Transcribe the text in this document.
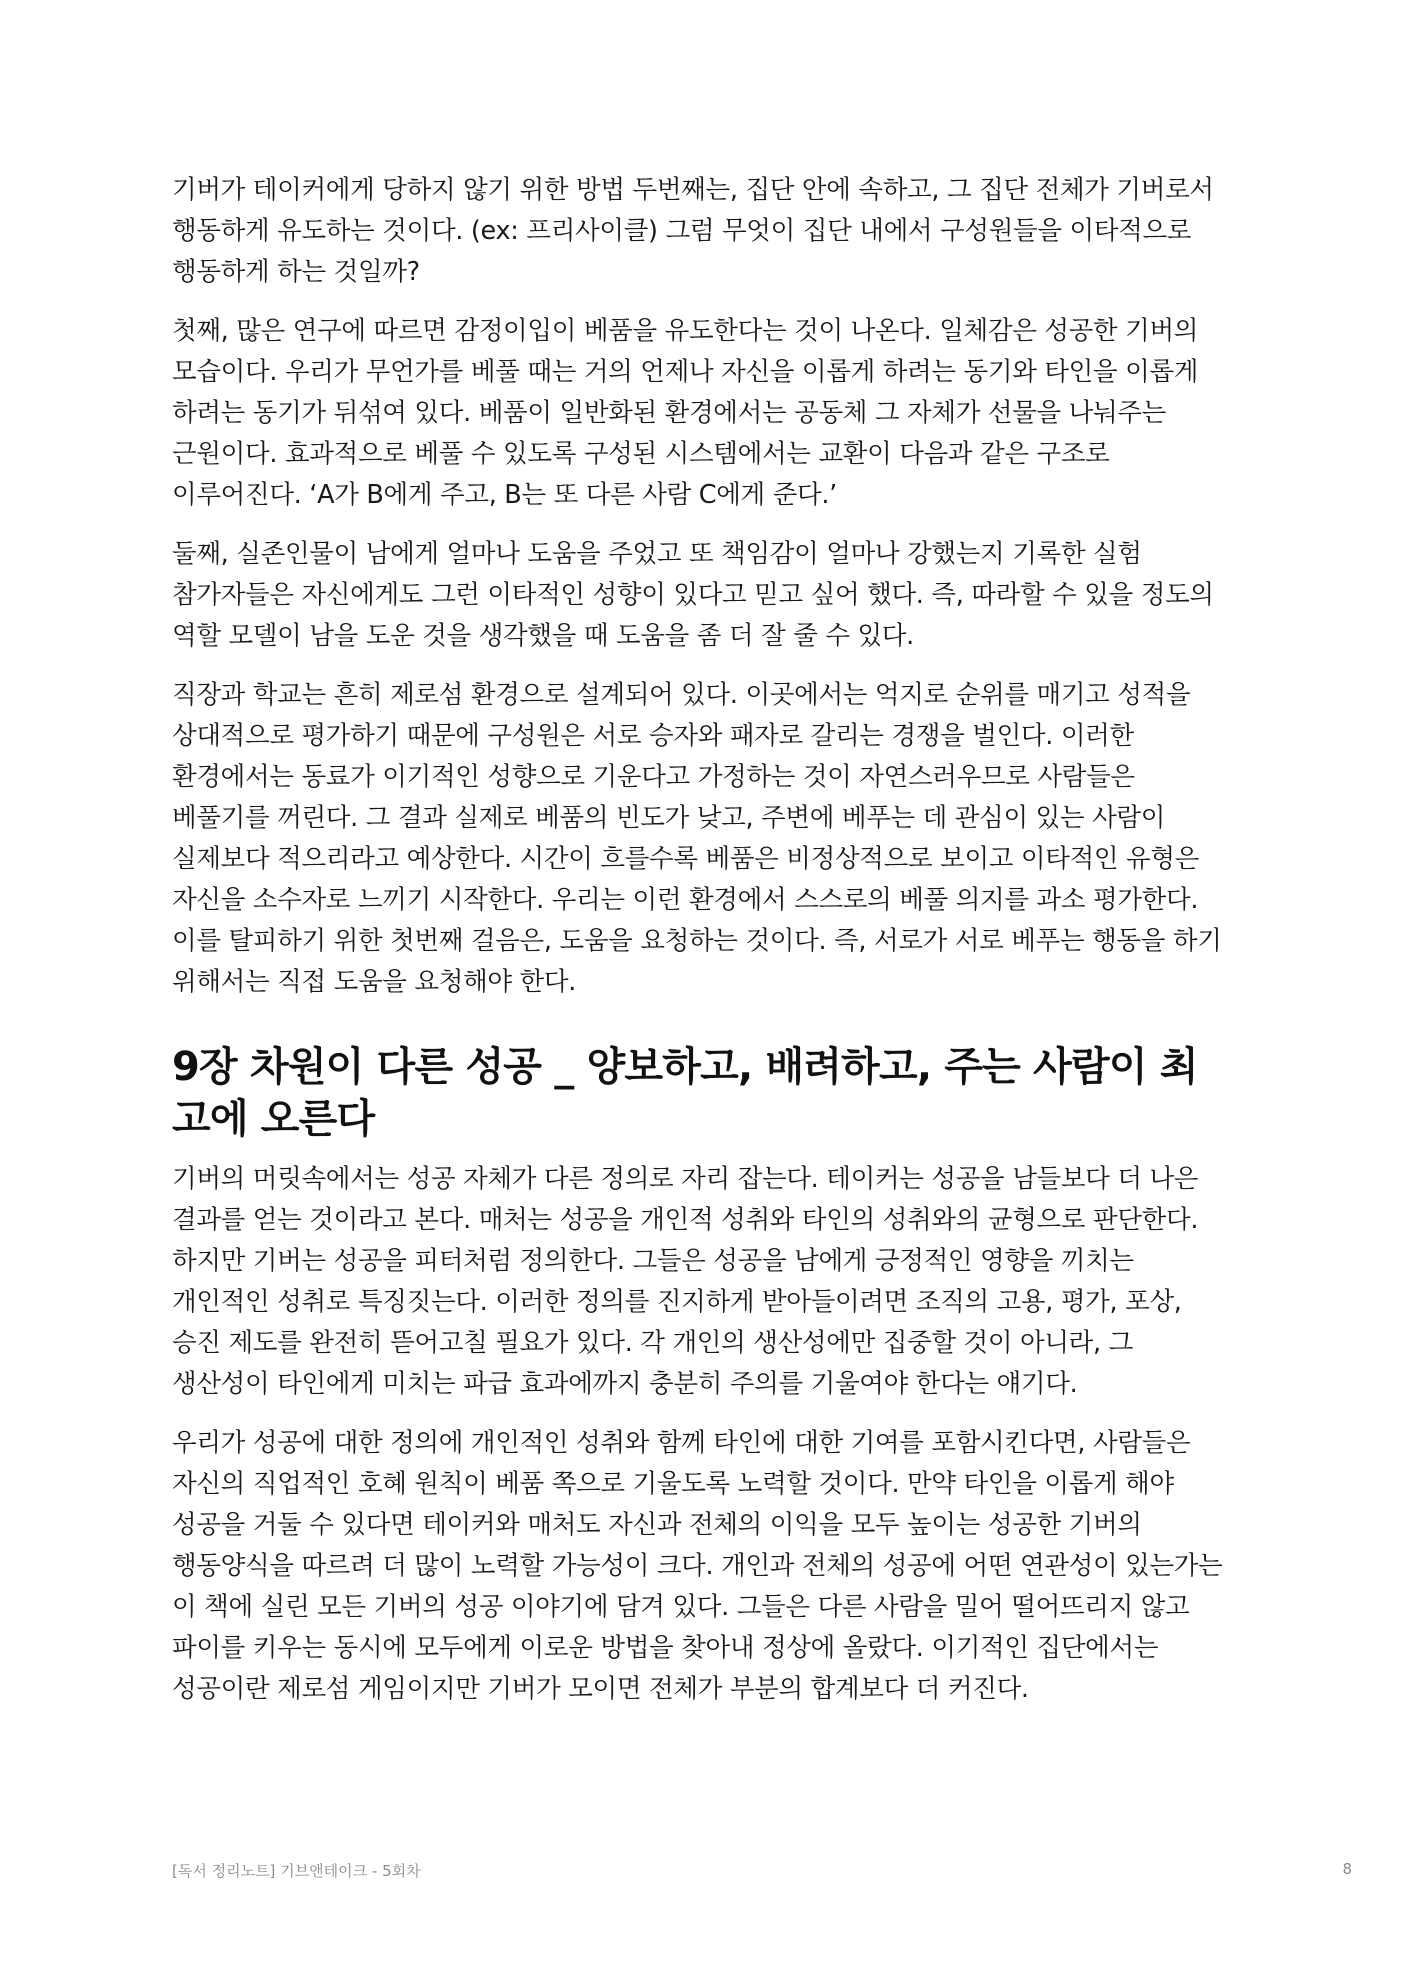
기버가 테이커에게 당하지 않기 위한 방법 두번째는, 집단 안에 속하고, 그 집단 전체가 기버로서 행동하게 유도하는 것이다. (ex: 프리사이클) 그럼 무엇이 집단 내에서 구성원들을 이타적으로 행동하게 하는 것일까?

첫째, 많은 연구에 따르면 감정이입이 베품을 유도한다는 것이 나온다. 일체감은 성공한 기버의 모습이다. 우리가 무언가를 베풀 때는 거의 언제나 자신을 이롭게 하려는 동기와 타인을 이롭게 하려는 동기가 뒤섞여 있다. 베품이 일반화된 환경에서는 공동체 그 자체가 선물을 나눠주는 근원이다. 효과적으로 베풀 수 있도록 구성된 시스템에서는 교환이 다음과 같은 구조로 이루어진다. ‘A가 B에게 주고, B는 또 다른 사람 C에게 준다.’

둘째, 실존인물이 남에게 얼마나 도움을 주었고 또 책임감이 얼마나 강했는지 기록한 실험 참가자들은 자신에게도 그런 이타적인 성향이 있다고 믿고 싶어 했다. 즉, 따라할 수 있을 정도의 역할 모델이 남을 도운 것을 생각했을 때 도움을 좀 더 잘 줄 수 있다.

직장과 학교는 흔히 제로섬 환경으로 설계되어 있다. 이곳에서는 억지로 순위를 매기고 성적을 상대적으로 평가하기 때문에 구성원은 서로 승자와 패자로 갈리는 경쟁을 벌인다. 이러한 환경에서는 동료가 이기적인 성향으로 기운다고 가정하는 것이 자연스러우므로 사람들은 베풀기를 꺼린다. 그 결과 실제로 베품의 빈도가 낮고, 주변에 베푸는 데 관심이 있는 사람이 실제보다 적으리라고 예상한다. 시간이 흐를수록 베품은 비정상적으로 보이고 이타적인 유형은 자신을 소수자로 느끼기 시작한다. 우리는 이런 환경에서 스스로의 베풀 의지를 과소 평가한다. 이를 탈피하기 위한 첫번째 걸음은, 도움을 요청하는 것이다. 즉, 서로가 서로 베푸는 행동을 하기 위해서는 직접 도움을 요청해야 한다.

9장 차원이 다른 성공 _ 양보하고, 배려하고, 주는 사람이 최고에 오른다

기버의 머릿속에서는 성공 자체가 다른 정의로 자리 잡는다. 테이커는 성공을 남들보다 더 나은 결과를 얻는 것이라고 본다. 매처는 성공을 개인적 성취와 타인의 성취와의 균형으로 판단한다. 하지만 기버는 성공을 피터처럼 정의한다. 그들은 성공을 남에게 긍정적인 영향을 끼치는 개인적인 성취로 특징짓는다. 이러한 정의를 진지하게 받아들이려면 조직의 고용, 평가, 포상, 승진 제도를 완전히 뜯어고칠 필요가 있다. 각 개인의 생산성에만 집중할 것이 아니라, 그 생산성이 타인에게 미치는 파급 효과에까지 충분히 주의를 기울여야 한다는 얘기다.

우리가 성공에 대한 정의에 개인적인 성취와 함께 타인에 대한 기여를 포함시킨다면, 사람들은 자신의 직업적인 호혜 원칙이 베품 쪽으로 기울도록 노력할 것이다. 만약 타인을 이롭게 해야 성공을 거둘 수 있다면 테이커와 매처도 자신과 전체의 이익을 모두 높이는 성공한 기버의 행동양식을 따르려 더 많이 노력할 가능성이 크다. 개인과 전체의 성공에 어떤 연관성이 있는가는 이 책에 실린 모든 기버의 성공 이야기에 담겨 있다. 그들은 다른 사람을 밀어 떨어뜨리지 않고 파이를 키우는 동시에 모두에게 이로운 방법을 찾아내 정상에 올랐다. 이기적인 집단에서는 성공이란 제로섬 게임이지만 기버가 모이면 전체가 부분의 합계보다 더 커진다.

[독서 정리노트] 기브앤테이크 - 5회차	8
